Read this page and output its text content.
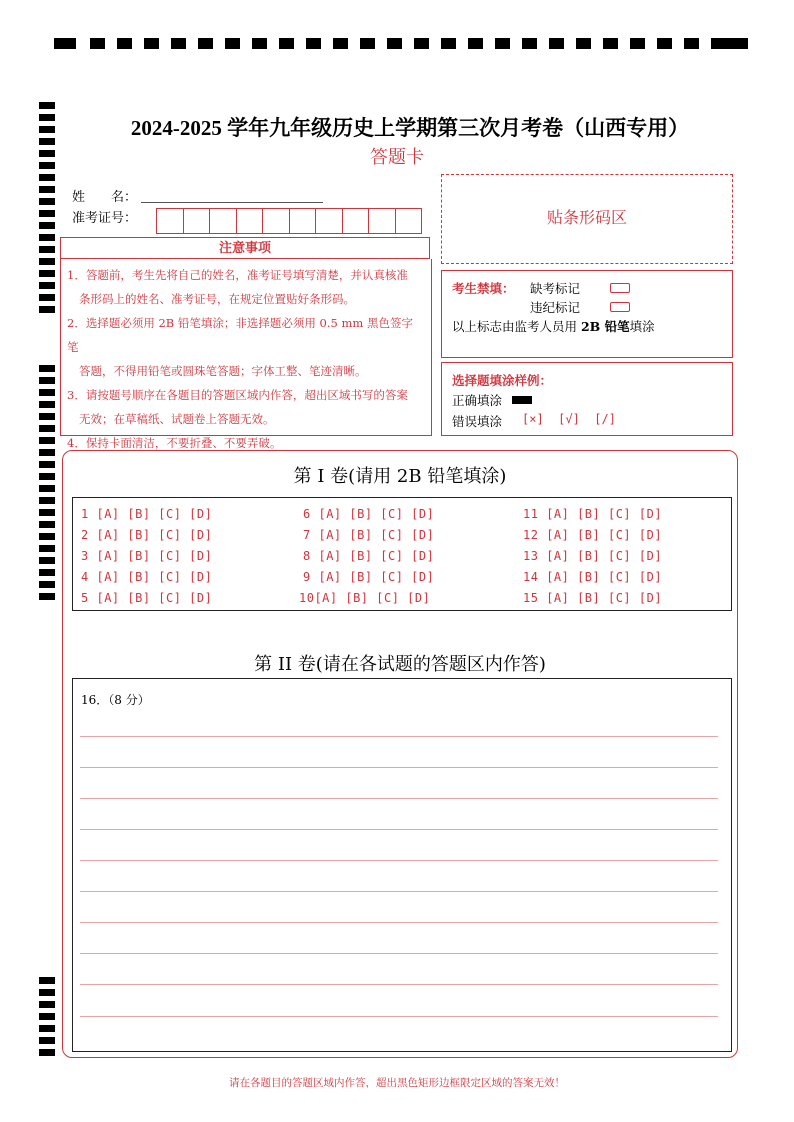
2024-2025 学年九年级历史上学期第三次月考卷（山西专用）
答题卡
姓　　名：
准考证号：
注意事项

1．答题前，考生先将自己的姓名，准考证号填写清楚，并认真核准

条形码上的姓名、准考证号，在规定位置贴好条形码。

2．选择题必须用 2B 铅笔填涂；非选择题必须用 0.5 mm 黑色签字笔

答题，不得用铅笔或圆珠笔答题；字体工整、笔迹清晰。

3．请按题号顺序在各题目的答题区域内作答，超出区域书写的答案

无效；在草稿纸、试题卷上答题无效。

4．保持卡面清洁，不要折叠、不要弄破。

贴条形码区
考生禁填： 缺考标记
违纪标记
以上标志由监考人员用 2B 铅笔填涂
选择题填涂样例：
正确填涂
错误填涂 [×]  [√]  [/]
第 I 卷(请用 2B 铅笔填涂)
1 [A] [B] [C] [D]
2 [A] [B] [C] [D]
3 [A] [B] [C] [D]
4 [A] [B] [C] [D]
5 [A] [B] [C] [D]
6 [A] [B] [C] [D]
7 [A] [B] [C] [D]
8 [A] [B] [C] [D]
9 [A] [B] [C] [D]
10[A] [B] [C] [D]
11 [A] [B] [C] [D]
12 [A] [B] [C] [D]
13 [A] [B] [C] [D]
14 [A] [B] [C] [D]
15 [A] [B] [C] [D]
第 II 卷(请在各试题的答题区内作答)
16．（8 分）
请在各题目的答题区域内作答，超出黑色矩形边框限定区域的答案无效！
